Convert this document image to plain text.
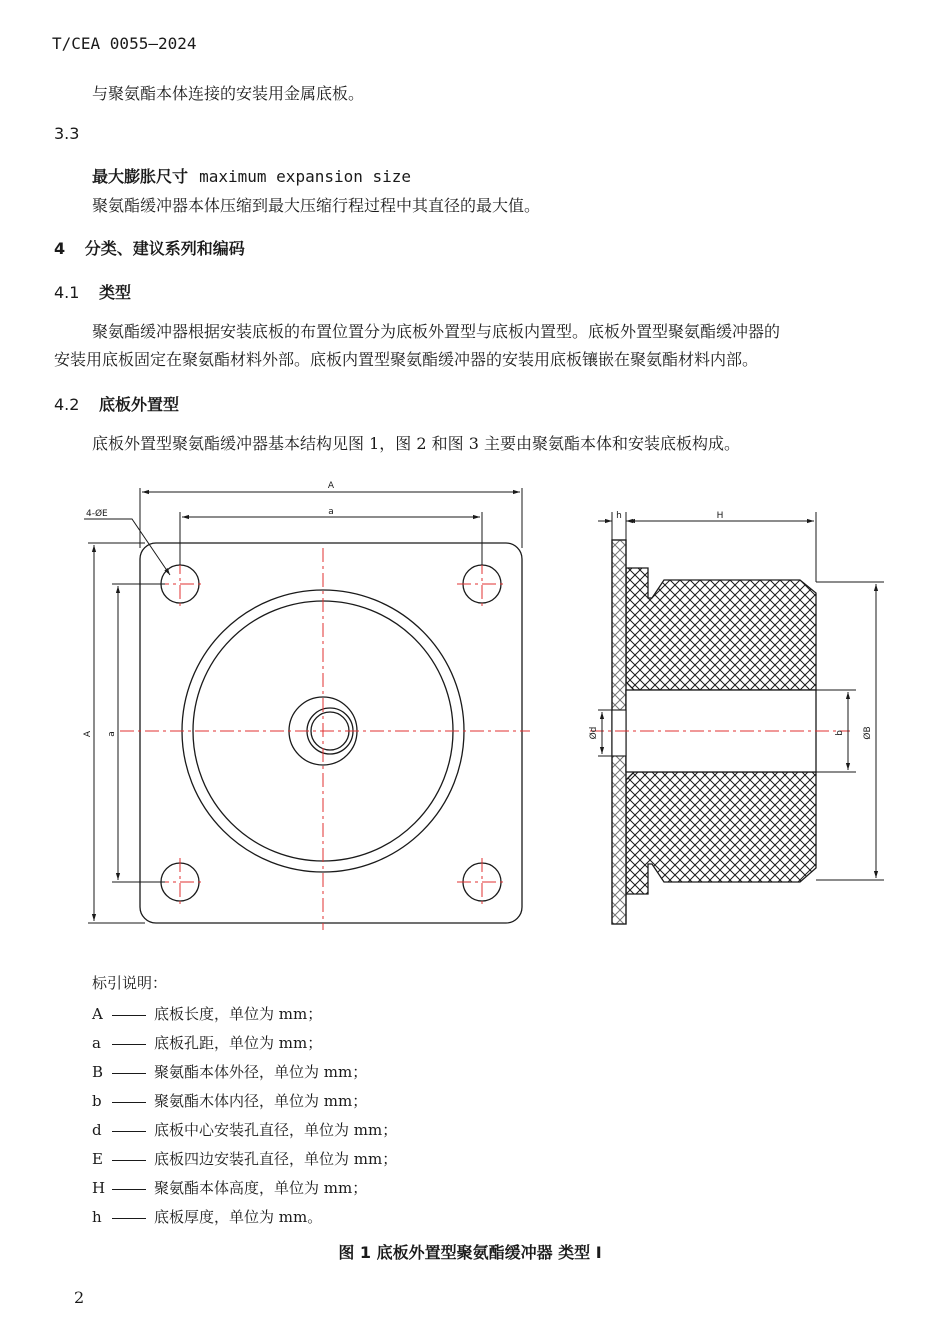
T/CEA 0055—2024
与聚氨酯本体连接的安装用金属底板。
3.3
最大膨胀尺寸 maximum expansion size
聚氨酯缓冲器本体压缩到最大压缩行程过程中其直径的最大值。
4 分类、建议系列和编码
4.1 类型
聚氨酯缓冲器根据安装底板的布置位置分为底板外置型与底板内置型。底板外置型聚氨酯缓冲器的
安装用底板固定在聚氨酯材料外部。底板内置型聚氨酯缓冲器的安装用底板镶嵌在聚氨酯材料内部。
4.2 底板外置型
底板外置型聚氨酯缓冲器基本结构见图 1，图 2 和图 3 主要由聚氨酯本体和安装底板构成。
A
a
4-ØE
A a
h	H
Ød	b ØB
标引说明：
A	底板长度，单位为 mm；
a	底板孔距，单位为 mm；
B	聚氨酯本体外径，单位为 mm；
b	聚氨酯木体内径，单位为 mm；
d	底板中心安装孔直径，单位为 mm；
E	底板四边安装孔直径，单位为 mm；
H	聚氨酯本体高度，单位为 mm；
h	底板厚度，单位为 mm。
图 1 底板外置型聚氨酯缓冲器 类型 I
2
